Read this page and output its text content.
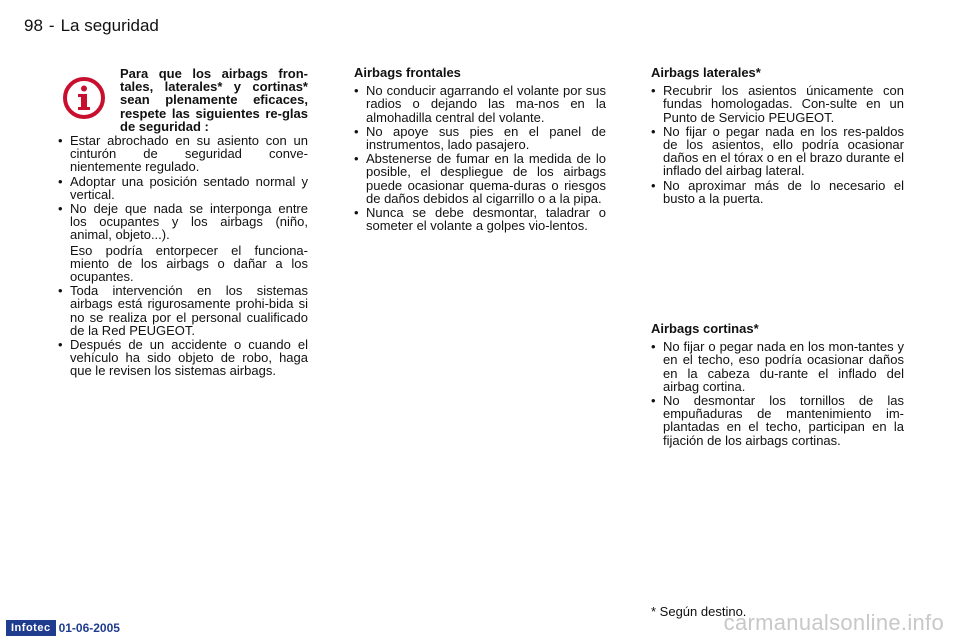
98 - La seguridad
Para que los airbags fron-tales, laterales* y cortinas* sean plenamente eficaces, respete las siguientes re-glas de seguridad :
• Estar abrochado en su asiento con un cinturón de seguridad conve-nientemente regulado.
• Adoptar una posición sentado normal y vertical.
• No deje que nada se interponga entre los ocupantes y los airbags (niño, animal, objeto...).
Eso podría entorpecer el funciona-miento de los airbags o dañar a los ocupantes.
• Toda intervención en los sistemas airbags está rigurosamente prohi-bida si no se realiza por el personal cualificado de la Red PEUGEOT.
• Después de un accidente o cuando el vehículo ha sido objeto de robo, haga que le revisen los sistemas airbags.
Airbags frontales
• No conducir agarrando el volante por sus radios o dejando las ma-nos en la almohadilla central del volante.
• No apoye sus pies en el panel de instrumentos, lado pasajero.
• Abstenerse de fumar en la medida de lo posible, el despliegue de los airbags puede ocasionar quema-duras o riesgos de daños debidos al cigarrillo o a la pipa.
• Nunca se debe desmontar, taladrar o someter el volante a golpes vio-lentos.
Airbags laterales*
• Recubrir los asientos únicamente con fundas homologadas. Con-sulte en un Punto de Servicio PEUGEOT.
• No fijar o pegar nada en los res-paldos de los asientos, ello podría ocasionar daños en el tórax o en el brazo durante el inflado del airbag lateral.
• No aproximar más de lo necesario el busto a la puerta.
Airbags cortinas*
• No fijar o pegar nada en los mon-tantes y en el techo, eso podría ocasionar daños en la cabeza du-rante el inflado del airbag cortina.
• No desmontar los tornillos de las empuñaduras de mantenimiento im-plantadas en el techo, participan en la fijación de los airbags cortinas.
* Según destino.
Infotec 01-06-2005	carmanualsonline.info
